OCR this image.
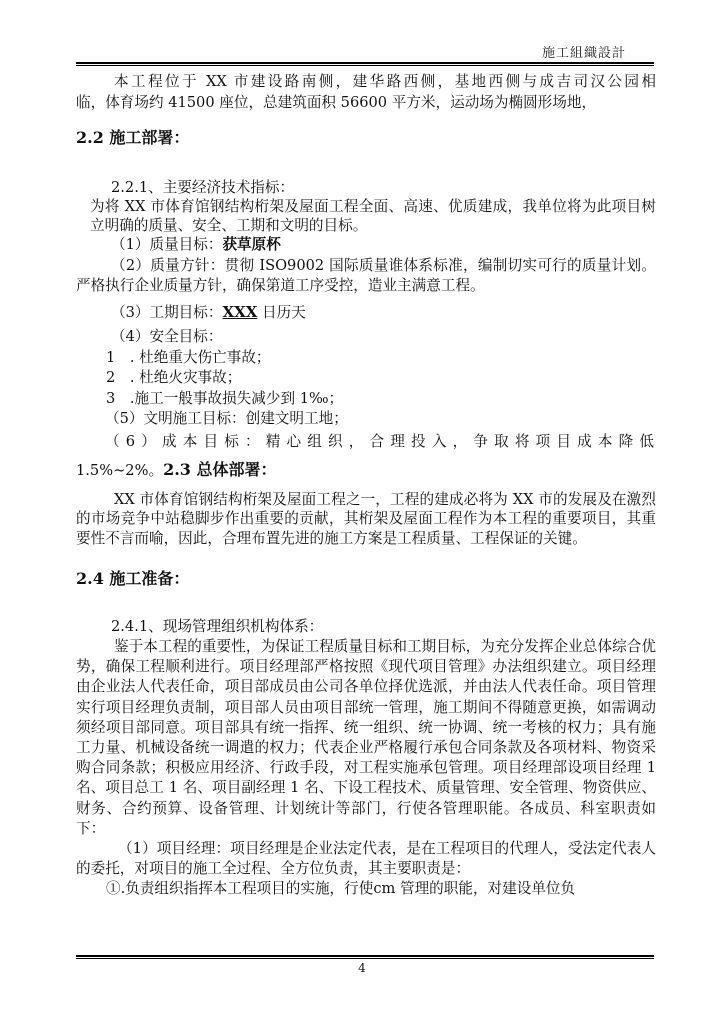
施工組織設計

本工程位于 XX 市建设路南侧，建华路西侧，基地西侧与成吉司汉公园相

临，体育场约 41500 座位，总建筑面积 56600 平方米，运动场为椭圆形场地，

2.2 施工部署：

2.2.1、主要经济技术指标：

为将 XX 市体育馆钢结构桁架及屋面工程全面、高速、优质建成，我单位将为此项目树立明确的质量、安全、工期和文明的目标。

（1）质量目标：获草原杯

（2）质量方针：贯彻 ISO9002 国际质量谁体系标准，编制切实可行的质量计划。严格执行企业质量方针，确保第道工序受控，造业主满意工程。

（3）工期目标：XXX 日历天

（4）安全目标：

1　. 杜绝重大伤亡事故；

2　. 杜绝火灾事故；

3　.施工一般事故损失减少到 1‰；

（5）文明施工目标：创建文明工地；

（6）成本目标：精心组织，合理投入，争取将项目成本降低

1.5%~2%。2.3 总体部署：

XX 市体育馆钢结构桁架及屋面工程之一，工程的建成必将为 XX 市的发展及在激烈的市场竞争中站稳脚步作出重要的贡献，其桁架及屋面工程作为本工程的重要项目，其重要性不言而喻，因此，合理布置先进的施工方案是工程质量、工程保证的关键。

2.4 施工准备：

2.4.1、现场管理组织机构体系：

鉴于本工程的重要性，为保证工程质量目标和工期目标，为充分发挥企业总体综合优势，确保工程顺利进行。项目经理部严格按照《现代项目管理》办法组织建立。项目经理由企业法人代表任命，项目部成员由公司各单位择优选派，并由法人代表任命。项目管理实行项目经理负责制，项目部人员由项目部统一管理，施工期间不得随意更换，如需调动须经项目部同意。项目部具有统一指挥、统一组织、统一协调、统一考核的权力；具有施工力量、机械设备统一调遣的权力；代表企业严格履行承包合同条款及各项材料、物资采购合同条款；积极应用经济、行政手段，对工程实施承包管理。项目经理部设项目经理 1 名、项目总工 1 名、项目副经理 1 名、下设工程技术、质量管理、安全管理、物资供应、财务、合约预算、设备管理、计划统计等部门，行使各管理职能。各成员、科室职责如下：

（1）项目经理：项目经理是企业法定代表，是在工程项目的代理人，受法定代表人的委托，对项目的施工全过程、全方位负责，其主要职责是：

①.负责组织指挥本工程项目的实施，行使cm 管理的职能，对建设单位负

4
